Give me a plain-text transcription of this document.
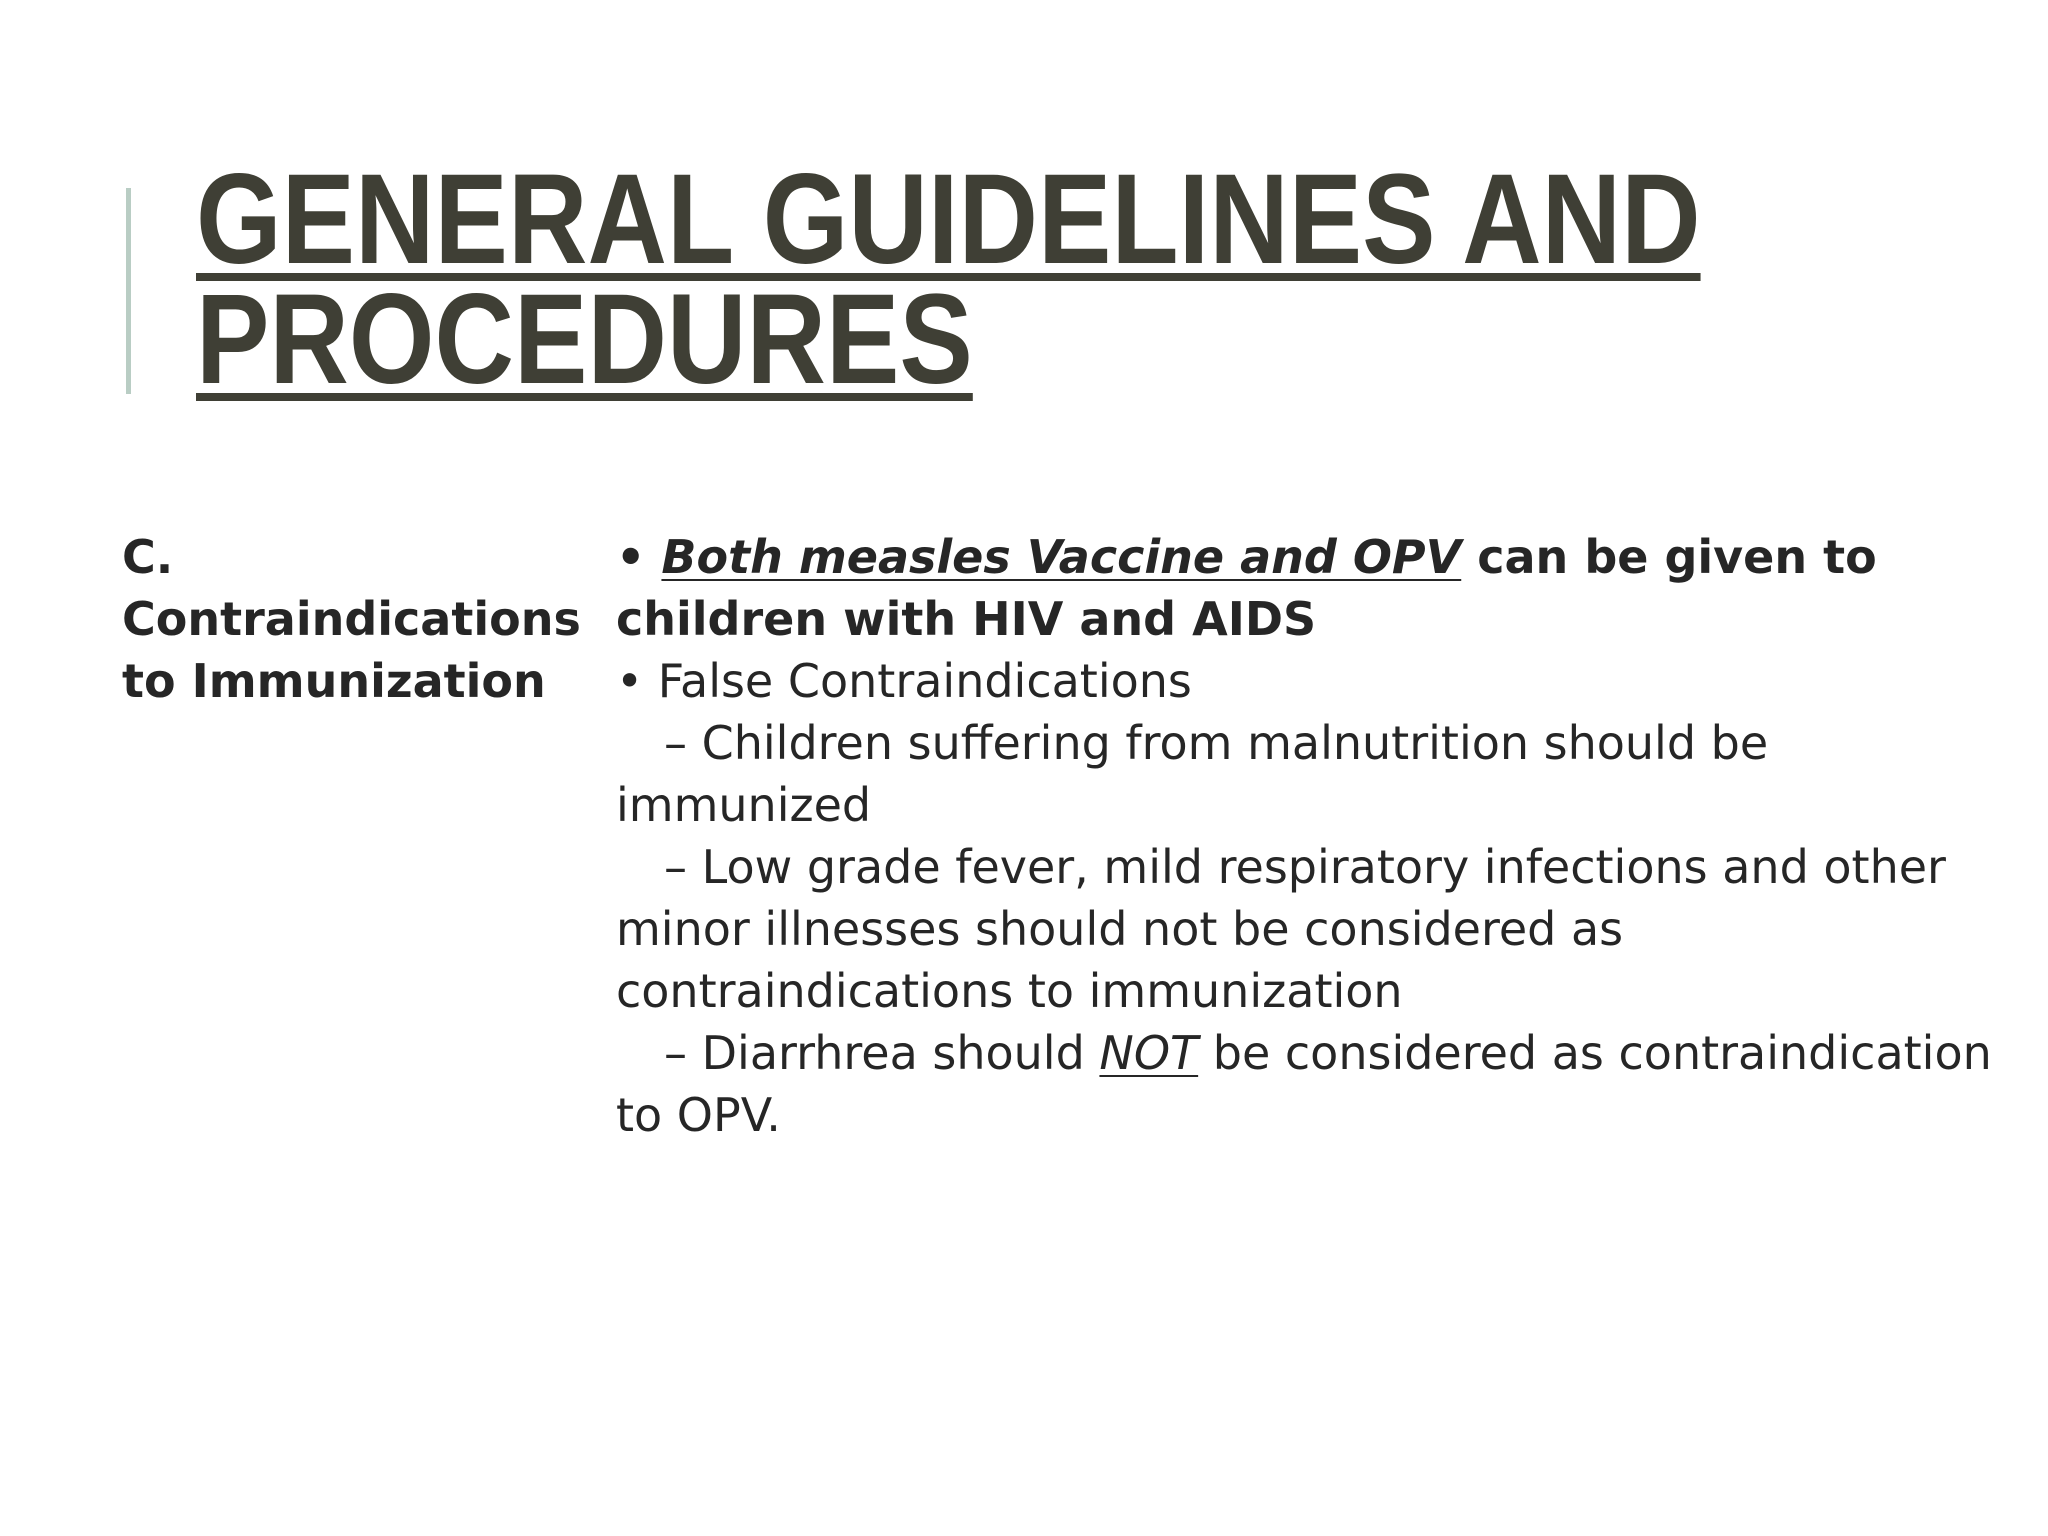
GENERAL GUIDELINES AND
PROCEDURES
C.
Contraindications
to Immunization

• Both measles Vaccine and OPV can be given to children with HIV and AIDS

• False Contraindications

– Children suffering from malnutrition should be immunized

– Low grade fever, mild respiratory infections and other minor illnesses should not be considered as contraindications to immunization

– Diarrhrea should NOT be considered as contraindication to OPV.
